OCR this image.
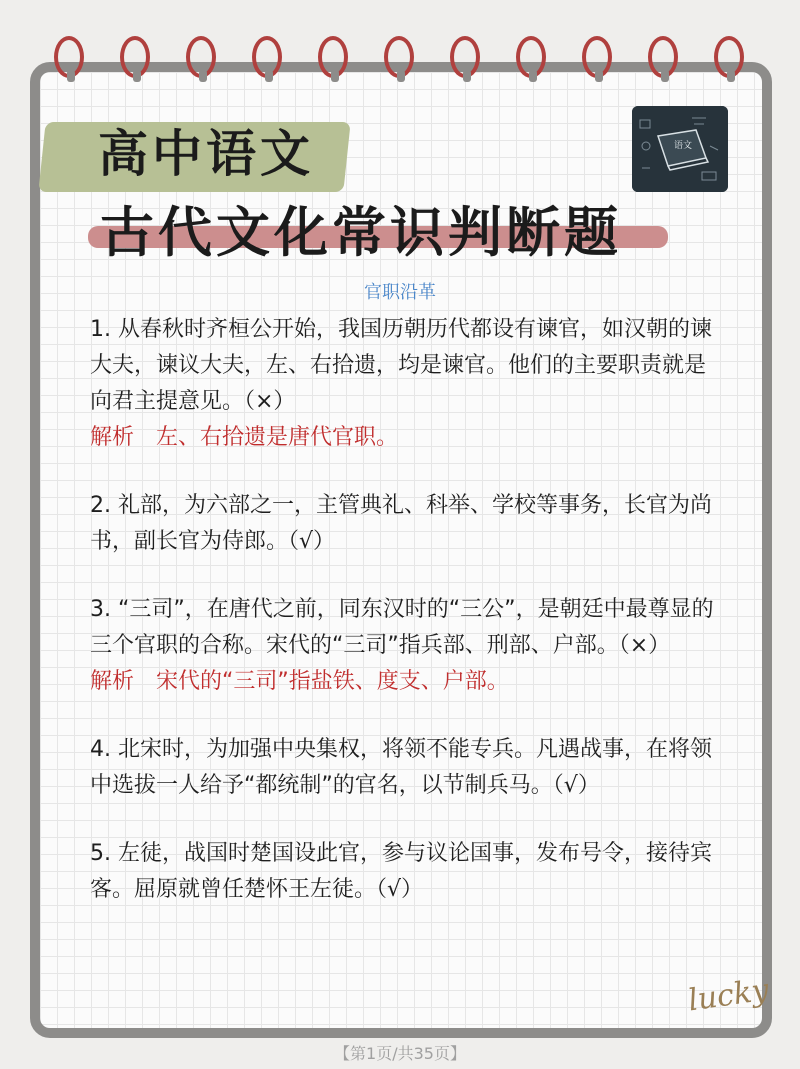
高中语文
古代文化常识判断题
语文
官职沿革

1. 从春秋时齐桓公开始，我国历朝历代都设有谏官，如汉朝的谏大夫，谏议大夫，左、右拾遗，均是谏官。他们的主要职责就是向君主提意见。（×）

解析 左、右拾遗是唐代官职。

2. 礼部，为六部之一，主管典礼、科举、学校等事务，长官为尚书，副长官为侍郎。（√）

3. “三司”，在唐代之前，同东汉时的“三公”，是朝廷中最尊显的三个官职的合称。宋代的“三司”指兵部、刑部、户部。（×）

解析 宋代的“三司”指盐铁、度支、户部。

4. 北宋时，为加强中央集权，将领不能专兵。凡遇战事，在将领中选拔一人给予“都统制”的官名，以节制兵马。（√）

5. 左徒，战国时楚国设此官，参与议论国事，发布号令，接待宾客。屈原就曾任楚怀王左徒。（√）

lucky
【第1页/共35页】
